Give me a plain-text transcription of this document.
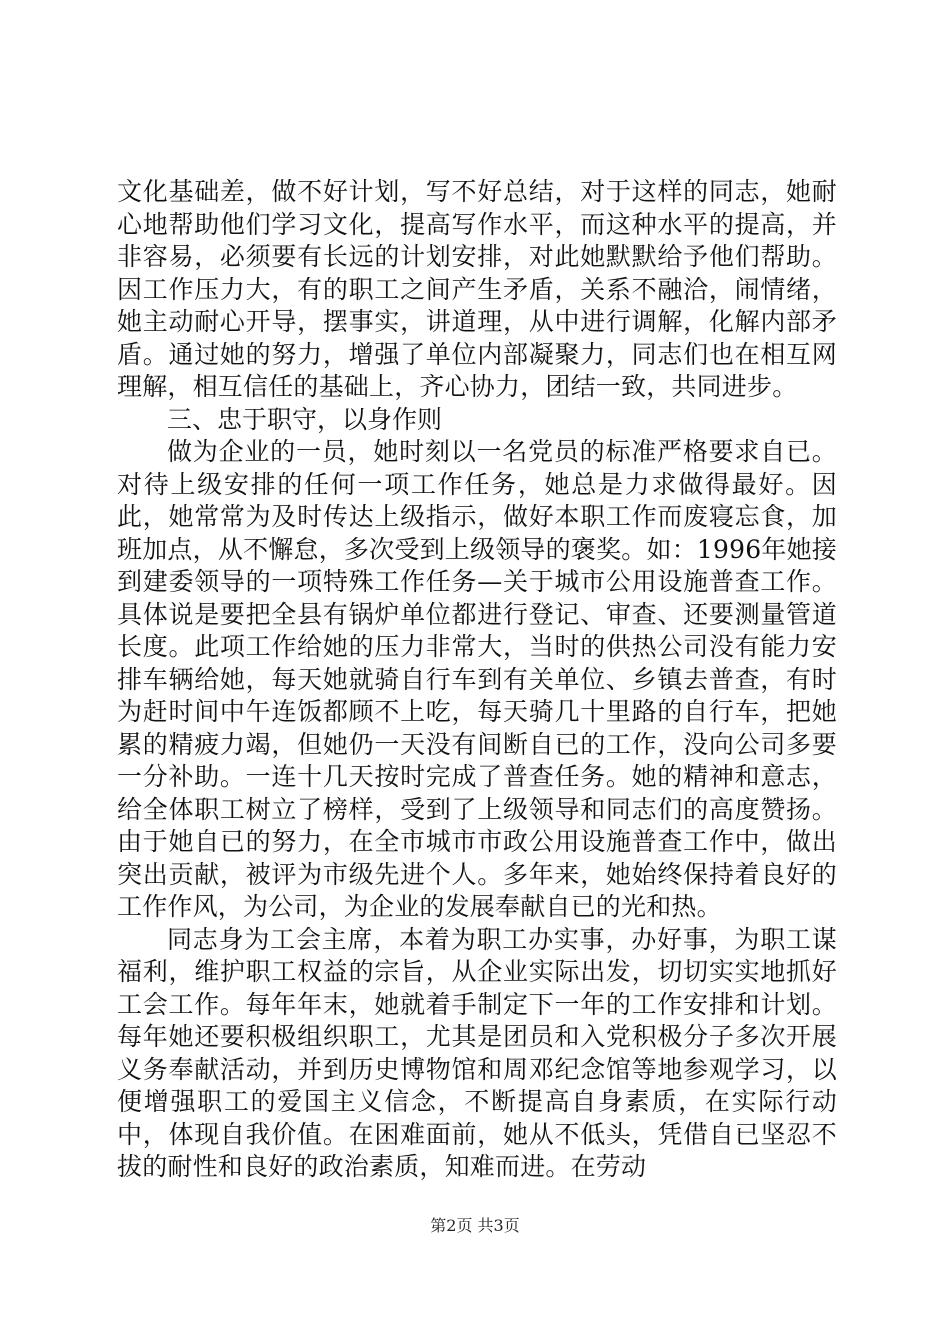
文化基础差，做不好计划，写不好总结，对于这样的同志，她耐心地帮助他们学习文化，提高写作水平，而这种水平的提高，并非容易，必须要有长远的计划安排，对此她默默给予他们帮助。因工作压力大，有的职工之间产生矛盾，关系不融洽，闹情绪，她主动耐心开导，摆事实，讲道理，从中进行调解，化解内部矛盾。通过她的努力，增强了单位内部凝聚力，同志们也在相互网理解，相互信任的基础上，齐心协力，团结一致，共同进步。

三、忠于职守，以身作则

做为企业的一员，她时刻以一名党员的标准严格要求自已。对待上级安排的任何一项工作任务，她总是力求做得最好。因此，她常常为及时传达上级指示，做好本职工作而废寝忘食，加班加点，从不懈怠，多次受到上级领导的褒奖。如：1996年她接到建委领导的一项特殊工作任务—关于城市公用设施普查工作。具体说是要把全县有锅炉单位都进行登记、审查、还要测量管道长度。此项工作给她的压力非常大，当时的供热公司没有能力安排车辆给她，每天她就骑自行车到有关单位、乡镇去普查，有时为赶时间中午连饭都顾不上吃，每天骑几十里路的自行车，把她累的精疲力竭，但她仍一天没有间断自已的工作，没向公司多要一分补助。一连十几天按时完成了普查任务。她的精神和意志，给全体职工树立了榜样，受到了上级领导和同志们的高度赞扬。由于她自已的努力，在全市城市市政公用设施普查工作中，做出突出贡献，被评为市级先进个人。多年来，她始终保持着良好的工作作风，为公司，为企业的发展奉献自已的光和热。

同志身为工会主席，本着为职工办实事，办好事，为职工谋福利，维护职工权益的宗旨，从企业实际出发，切切实实地抓好工会工作。每年年末，她就着手制定下一年的工作安排和计划。每年她还要积极组织职工，尤其是团员和入党积极分子多次开展义务奉献活动，并到历史博物馆和周邓纪念馆等地参观学习，以便增强职工的爱国主义信念，不断提高自身素质，在实际行动中，体现自我价值。在困难面前，她从不低头，凭借自已坚忍不拔的耐性和良好的政治素质，知难而进。在劳动

第2页 共3页
